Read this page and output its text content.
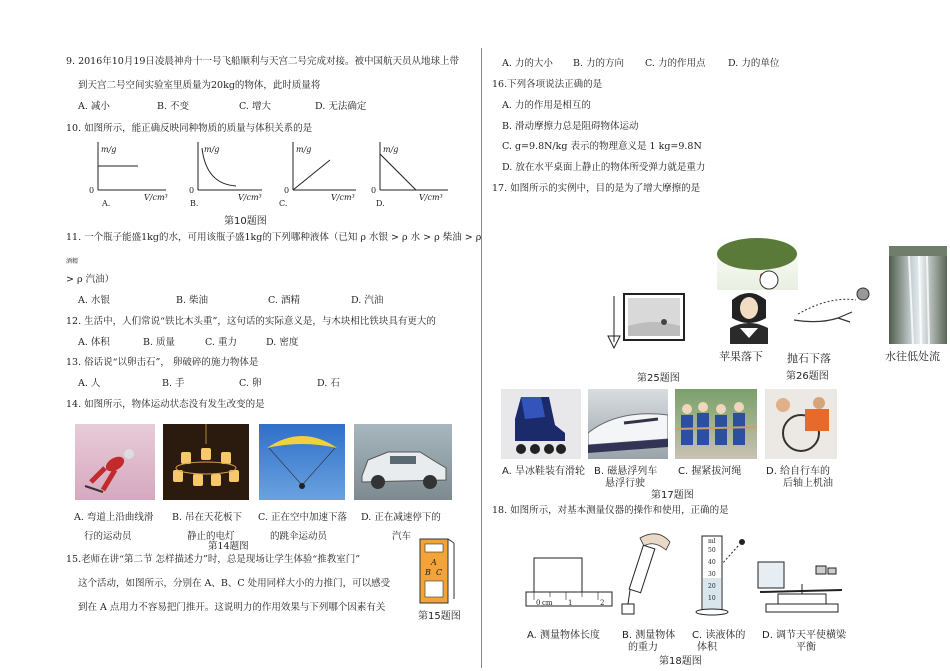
9. 2016年10月19日凌晨神舟十一号飞船顺利与天宫二号完成对接。被中国航天员从地球上带
到天宫二号空间实验室里质量为20kg的物体，此时质量将
A. 减小	B. 不变	C. 增大	D. 无法确定
10. 如图所示，能正确反映同种物质的质量与体积关系的是
m/g
V/cm³
0
A.
m/g
V/cm³
0
B.
m/g
V/cm³
0
C.
m/g
V/cm³
0
D.
第10题图
11. 一个瓶子能盛1kg的水，可用该瓶子盛1kg的下列哪种液体（已知 ρ 水银 > ρ 水 > ρ 柴油 > ρ
酒精
> ρ 汽油）
A. 水银	B. 柴油	C. 酒精	D. 汽油
12. 生活中，人们常说“铁比木头重”，这句话的实际意义是，与木块相比铁块具有更大的
A. 体积	B. 质量	C. 重力	D. 密度
13. 俗话说“以卵击石”， 卵破碎的施力物体是
A. 人	B. 手	C. 卵	D. 石
14. 如图所示，物体运动状态没有发生改变的是
A. 弯道上沿曲线滑
行的运动员
B. 吊在天花板下
静止的电灯
C. 正在空中加速下落
的跳伞运动员
D. 正在减速停下的
汽车
第14题图
15.老师在讲“第二节 怎样描述力”时，总是现场让学生体验“推教室门”
这个活动，如图所示，分别在 A、B、C 处用同样大小的力推门，可以感受
到在 A 点用力不容易把门推开。这说明力的作用效果与下列哪个因素有关
A
B C
第15题图
A. 力的大小 B. 力的方向 C. 力的作用点 D. 力的单位
16.下列各项说法正确的是
A. 力的作用是相互的
B. 滑动摩擦力总是阻碍物体运动
C. g=9.8N/kg 表示的物理意义是 1 kg=9.8N
D. 放在水平桌面上静止的物体所受弹力就是重力
17. 如图所示的实例中，目的是为了增大摩擦的是
第25题图
苹果落下 抛石下落
第26题图
水往低处流
A. 旱冰鞋装有滑轮 B. 磁悬浮列车
悬浮行驶
C. 握紧拔河绳 D. 给自行车的
后轴上机油
第17题图
18. 如图所示，对基本测量仪器的操作和使用，正确的是
0 cm 1	2
ml
50
40
30
20
10
A. 测量物体长度 B. 测量物体
的重力
C. 读液体的
体积
D. 调节天平使横梁
平衡
第18题图
